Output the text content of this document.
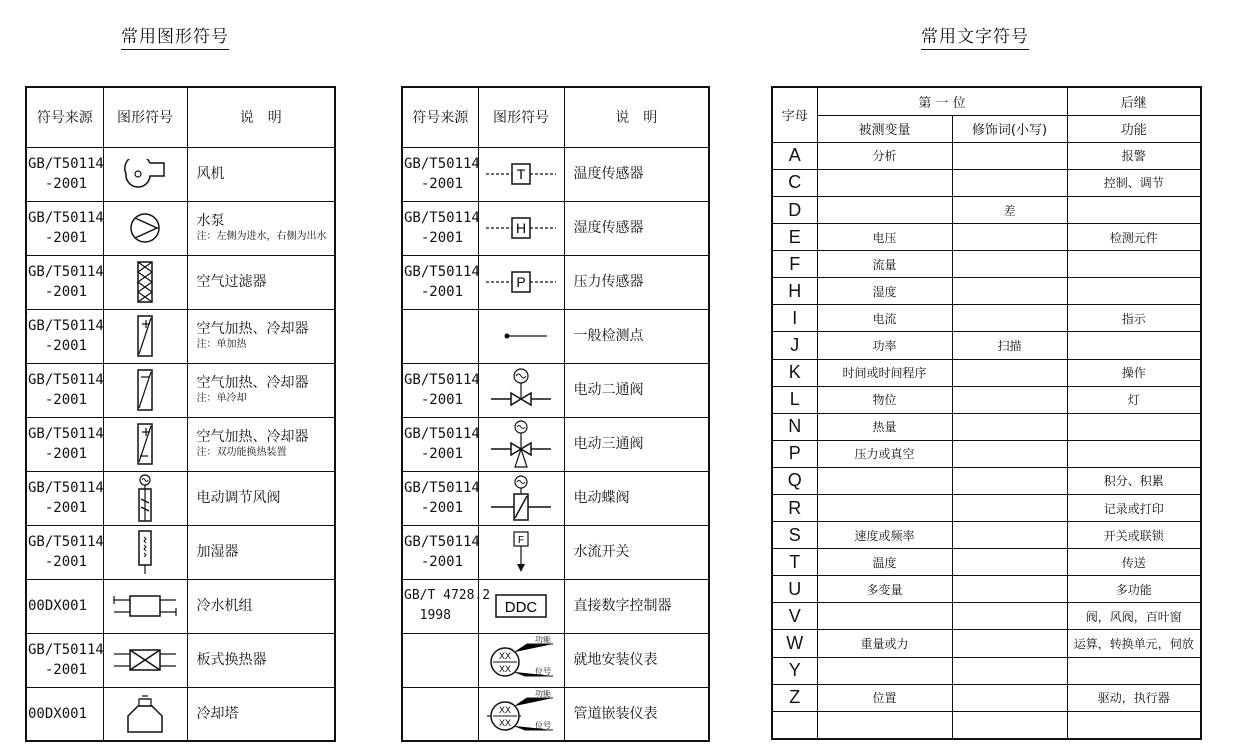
常用图形符号	常用文字符号
符号来源	图形符号	说　明
GB/T50114
-2001		风机
GB/T50114
-2001		水泵
注：左侧为进水，右侧为出水

GB/T50114
-2001		空气过滤器
GB/T50114
-2001		空气加热、冷却器
注：单加热

GB/T50114
-2001		空气加热、冷却器
注：单冷却

GB/T50114
-2001		空气加热、冷却器
注：双功能换热装置

GB/T50114
-2001		电动调节风阀
GB/T50114
-2001		加湿器
00DX001		冷水机组
GB/T50114
-2001		板式换热器
00DX001		冷却塔
符号来源	图形符号	说　明
GB/T50114
-2001	T	温度传感器
GB/T50114
-2001	H	湿度传感器
GB/T50114
-2001	P	压力传感器

	一般检测点
GB/T50114
-2001		电动二通阀
GB/T50114
-2001		电动三通阀
GB/T50114
-2001		电动蝶阀
GB/T50114
-2001	F	水流开关
GB/T 4728.2
1998	DDC	直接数字控制器

XX
XX
功能
位号	就地安装仪表

XX
XX
功能
位号	管道嵌装仪表
字母	第 一 位		后继
	被测变量	修饰词(小写)	功能
A	分析		报警
C			控制、调节
D		差	
E	电压		检测元件
F	流量		
H	湿度		
I	电流		指示
J	功率	扫描	
K	时间或时间程序		操作
L	物位		灯
N	热量		
P	压力或真空		
Q			积分、积累
R			记录或打印
S	速度或频率		开关或联锁
T	温度		传送
U	多变量		多功能
V			阀，风阀，百叶窗
W	重量或力		运算，转换单元，伺放
Y			
Z	位置		驱动，执行器
